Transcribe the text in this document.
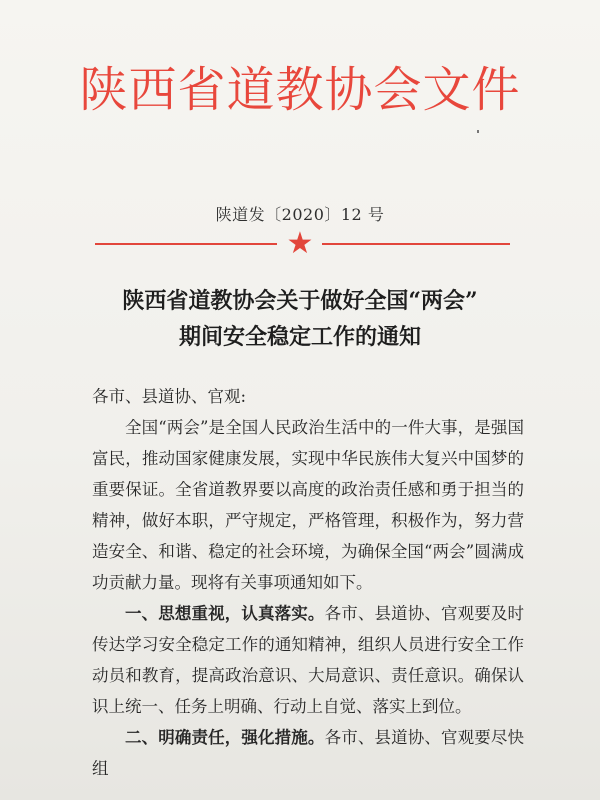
陕西省道教协会文件
陕道发〔2020〕12 号
★
陕西省道教协会关于做好全国“两会”
期间安全稳定工作的通知

各市、县道协、官观:

全国“两会”是全国人民政治生活中的一件大事，是强国富民，推动国家健康发展，实现中华民族伟大复兴中国梦的重要保证。全省道教界要以高度的政治责任感和勇于担当的精神，做好本职，严守规定，严格管理，积极作为，努力营造安全、和谐、稳定的社会环境，为确保全国“两会”圆满成功贡献力量。现将有关事项通知如下。

一、思想重视，认真落实。各市、县道协、官观要及时传达学习安全稳定工作的通知精神，组织人员进行安全工作动员和教育，提高政治意识、大局意识、责任意识。确保认识上统一、任务上明确、行动上自觉、落实上到位。

二、明确责任，强化措施。各市、县道协、官观要尽快组
